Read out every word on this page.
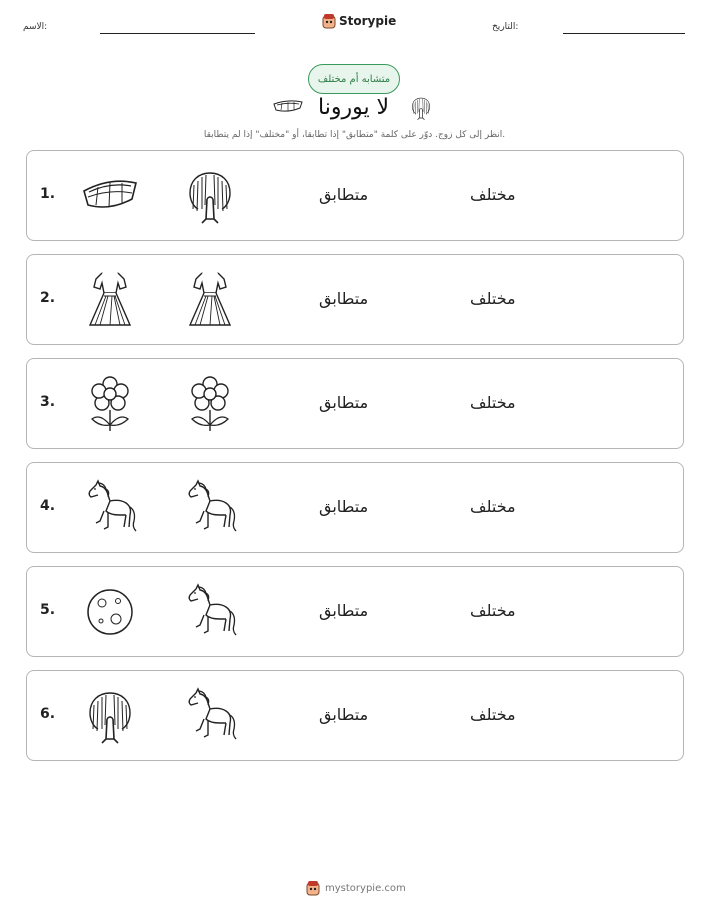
الاسم:	Storypie	التاريخ:
متشابه أم مختلف
لا يورونا
انظر إلى كل زوج. دوّر على كلمة "متطابق" إذا تطابقا، أو "مختلف" إذا لم يتطابقا.
1.	متطابق	مختلف
2.	متطابق	مختلف
3.	متطابق	مختلف
4.	متطابق	مختلف
5.	متطابق	مختلف
6.	متطابق	مختلف
mystorypie.com
